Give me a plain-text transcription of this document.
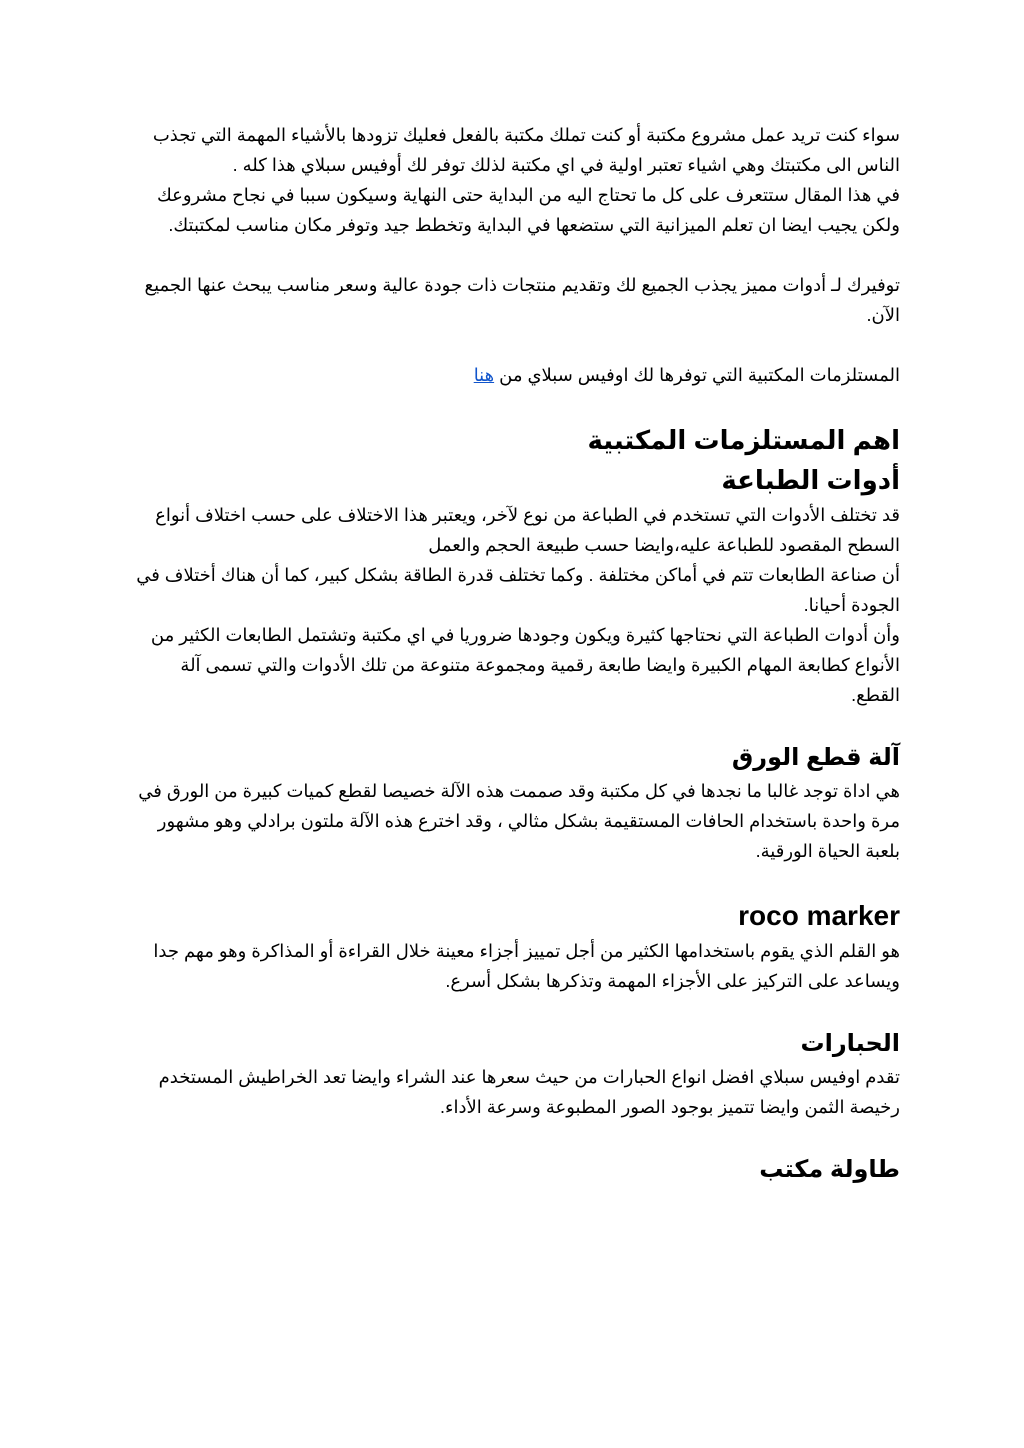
سواء كنت تريد عمل مشروع مكتبة أو كنت تملك مكتبة بالفعل فعليك تزودها بالأشياء المهمة التي تجذب الناس الى مكتبتك وهي اشياء تعتبر اولية في اي مكتبة لذلك توفر لك أوفيس سبلاي هذا كله .

في هذا المقال ستتعرف على كل ما تحتاج اليه من البداية حتى النهاية وسيكون سببا في نجاح مشروعك ولكن يجيب ايضا ان تعلم الميزانية التي ستضعها في البداية وتخطط جيد وتوفر مكان مناسب لمكتبتك.

توفيرك لـ أدوات مميز يجذب الجميع لك وتقديم منتجات ذات جودة عالية وسعر مناسب يبحث عنها الجميع الآن.

المستلزمات المكتبية التي توفرها لك اوفيس سبلاي من هنا

اهم المستلزمات المكتبية
أدوات الطباعة

قد تختلف الأدوات التي تستخدم في الطباعة من نوع لآخر، ويعتبر هذا الاختلاف على حسب اختلاف أنواع السطح المقصود للطباعة عليه،وايضا حسب طبيعة الحجم والعمل

أن صناعة الطابعات تتم في أماكن مختلفة . وكما تختلف قدرة الطاقة بشكل كبير، كما أن هناك أختلاف في الجودة أحيانا.

وأن أدوات الطباعة التي نحتاجها كثيرة ويكون وجودها ضروريا في اي مكتبة وتشتمل الطابعات الكثير من الأنواع كطابعة المهام الكبيرة وايضا طابعة رقمية ومجموعة متنوعة من تلك الأدوات والتي تسمى آلة القطع.

آلة قطع الورق

هي اداة توجد غالبا ما نجدها في كل مكتبة وقد صممت هذه الآلة خصيصا لقطع كميات كبيرة من الورق في مرة واحدة باستخدام الحافات المستقيمة بشكل مثالي ، وقد اخترع هذه الآلة ملتون برادلي وهو مشهور بلعبة الحياة الورقية.

roco marker

هو القلم الذي يقوم باستخدامها الكثير من أجل تمييز أجزاء معينة خلال القراءة أو المذاكرة وهو مهم جدا ويساعد على التركيز على الأجزاء المهمة وتذكرها بشكل أسرع.

الحبارات

تقدم اوفيس سبلاي افضل انواع الحبارات من حيث سعرها عند الشراء وايضا تعد الخراطيش المستخدم رخيصة الثمن وايضا تتميز بوجود الصور المطبوعة وسرعة الأداء.

طاولة مكتب
